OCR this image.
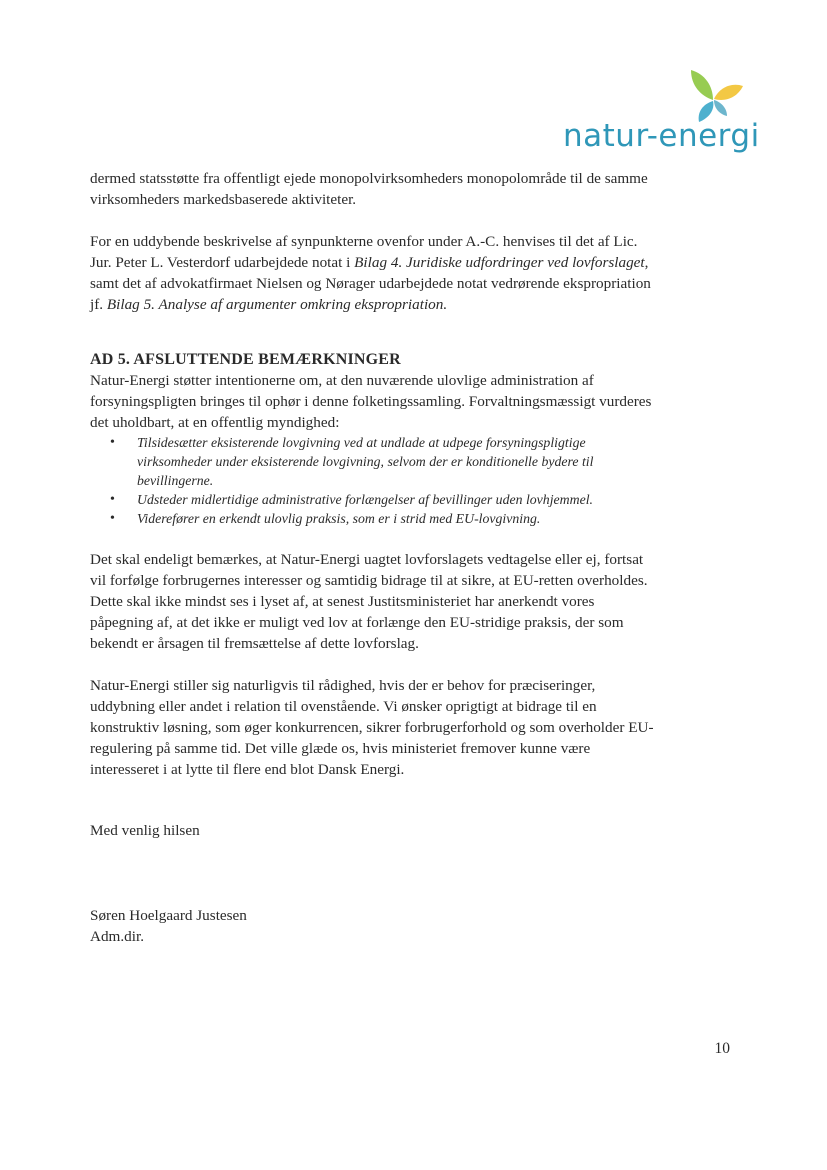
natur-energi

dermed statsstøtte fra offentligt ejede monopolvirksomheders monopolområde til de samme virksomheders markedsbaserede aktiviteter.

For en uddybende beskrivelse af synpunkterne ovenfor under A.-C. henvises til det af Lic. Jur. Peter L. Vesterdorf udarbejdede notat i Bilag 4. Juridiske udfordringer ved lovforslaget, samt det af advokatfirmaet Nielsen og Nørager udarbejdede notat vedrørende ekspropriation jf. Bilag 5. Analyse af argumenter omkring ekspropriation.

AD 5. AFSLUTTENDE BEMÆRKNINGER

Natur-Energi støtter intentionerne om, at den nuværende ulovlige administration af forsyningspligten bringes til ophør i denne folketingssamling. Forvaltningsmæssigt vurderes det uholdbart, at en offentlig myndighed:

• Tilsidesætter eksisterende lovgivning ved at undlade at udpege forsyningspligtige virksomheder under eksisterende lovgivning, selvom der er konditionelle bydere til bevillingerne.
• Udsteder midlertidige administrative forlængelser af bevillinger uden lovhjemmel.
• Viderefører en erkendt ulovlig praksis, som er i strid med EU-lovgivning.

Det skal endeligt bemærkes, at Natur-Energi uagtet lovforslagets vedtagelse eller ej, fortsat vil forfølge forbrugernes interesser og samtidig bidrage til at sikre, at EU-retten overholdes. Dette skal ikke mindst ses i lyset af, at senest Justitsministeriet har anerkendt vores påpegning af, at det ikke er muligt ved lov at forlænge den EU-stridige praksis, der som bekendt er årsagen til fremsættelse af dette lovforslag.

Natur-Energi stiller sig naturligvis til rådighed, hvis der er behov for præciseringer, uddybning eller andet i relation til ovenstående. Vi ønsker oprigtigt at bidrage til en konstruktiv løsning, som øger konkurrencen, sikrer forbrugerforhold og som overholder EU-regulering på samme tid. Det ville glæde os, hvis ministeriet fremover kunne være interesseret i at lytte til flere end blot Dansk Energi.

Med venlig hilsen

Søren Hoelgaard Justesen

Adm.dir.

10
